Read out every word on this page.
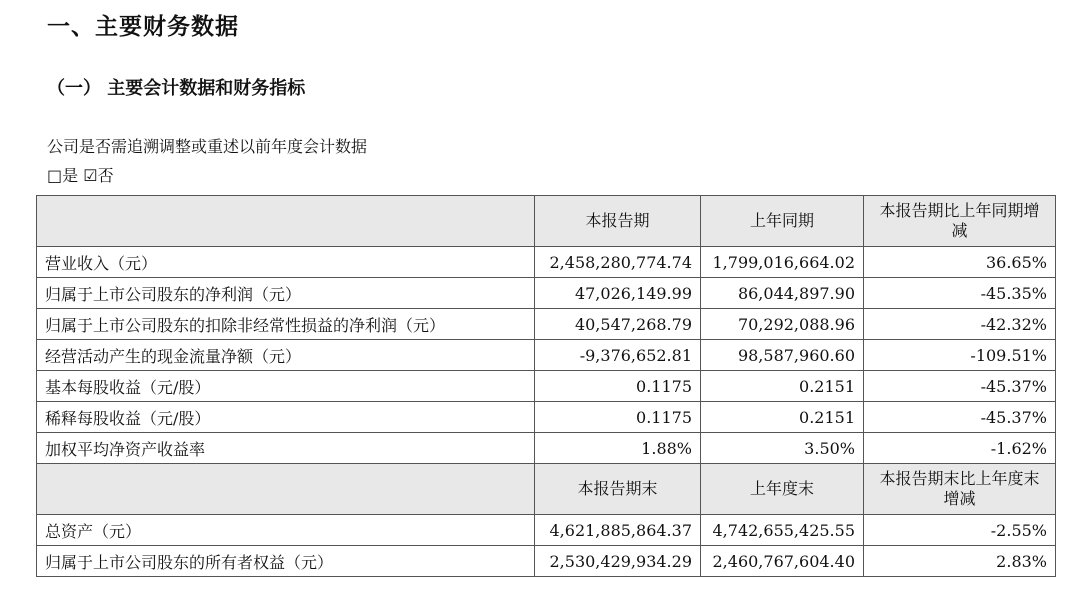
一、主要财务数据
（一） 主要会计数据和财务指标
公司是否需追溯调整或重述以前年度会计数据
□是 ☑否
	本报告期	上年同期	本报告期比上年同期增减
营业收入（元）	2,458,280,774.74	1,799,016,664.02	36.65%
归属于上市公司股东的净利润（元）	47,026,149.99	86,044,897.90	-45.35%
归属于上市公司股东的扣除非经常性损益的净利润（元）	40,547,268.79	70,292,088.96	-42.32%
经营活动产生的现金流量净额（元）	-9,376,652.81	98,587,960.60	-109.51%
基本每股收益（元/股）	0.1175	0.2151	-45.37%
稀释每股收益（元/股）	0.1175	0.2151	-45.37%
加权平均净资产收益率	1.88%	3.50%	-1.62%
	本报告期末	上年度末	本报告期末比上年度末增减
总资产（元）	4,621,885,864.37	4,742,655,425.55	-2.55%
归属于上市公司股东的所有者权益（元）	2,530,429,934.29	2,460,767,604.40	2.83%
